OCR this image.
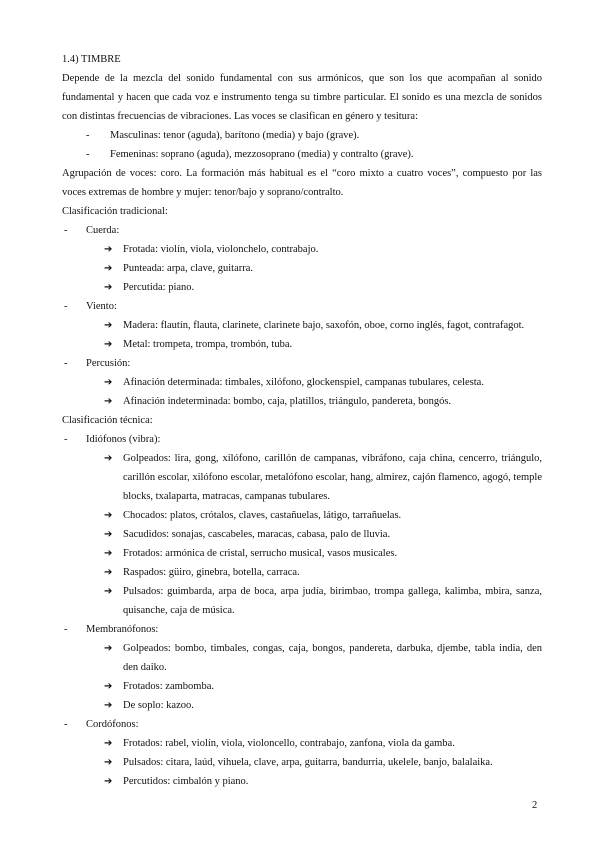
1.4) TIMBRE

Depende de la mezcla del sonido fundamental con sus armónicos, que son los que acompañan al sonido fundamental y hacen que cada voz e instrumento tenga su timbre particular. El sonido es una mezcla de sonidos con distintas frecuencias de vibraciones. Las voces se clasifican en género y tesitura:

-	Masculinas: tenor (aguda), barítono (media) y bajo (grave).
-	Femeninas: soprano (aguda), mezzosoprano (media) y contralto (grave).

Agrupación de voces: coro. La formación más habitual es el “coro mixto a cuatro voces”, compuesto por las voces extremas de hombre y mujer: tenor/bajo y soprano/contralto.

Clasificación tradicional:

- Cuerda:
➔ Frotada: violín, viola, violonchelo, contrabajo.
➔ Punteada: arpa, clave, guitarra.
➔ Percutida: piano.
- Viento:
➔ Madera: flautín, flauta, clarinete, clarinete bajo, saxofón, oboe, corno inglés, fagot, contrafagot.
➔ Metal: trompeta, trompa, trombón, tuba.
- Percusión:
➔ Afinación determinada: timbales, xilófono, glockenspiel, campanas tubulares, celesta.
➔ Afinación indeterminada: bombo, caja, platillos, triángulo, pandereta, bongós.

Clasificación técnica:

- Idiófonos (vibra):
➔ Golpeados: lira, gong, xilófono, carillón de campanas, vibráfono, caja china, cencerro, triángulo, carillón escolar, xilófono escolar, metalófono escolar, hang, almirez, cajón flamenco, agogó, temple blocks, txalaparta, matracas, campanas tubulares.
➔ Chocados: platos, crótalos, claves, castañuelas, látigo, tarrañuelas.
➔ Sacudidos: sonajas, cascabeles, maracas, cabasa, palo de lluvia.
➔ Frotados: armónica de cristal, serrucho musical, vasos musicales.
➔ Raspados: güiro, ginebra, botella, carraca.
➔ Pulsados: guimbarda, arpa de boca, arpa judía, birimbao, trompa gallega, kalimba, mbira, sanza, quisanche, caja de música.
- Membranófonos:
➔ Golpeados: bombo, timbales, congas, caja, bongos, pandereta, darbuka, djembe, tabla india, den den daiko.
➔ Frotados: zambomba.
➔ De soplo: kazoo.
- Cordófonos:
➔ Frotados: rabel, violín, viola, violoncello, contrabajo, zanfona, viola da gamba.
➔ Pulsados: citara, laúd, vihuela, clave, arpa, guitarra, bandurria, ukelele, banjo, balalaika.
➔ Percutidos: cimbalón y piano.
2
